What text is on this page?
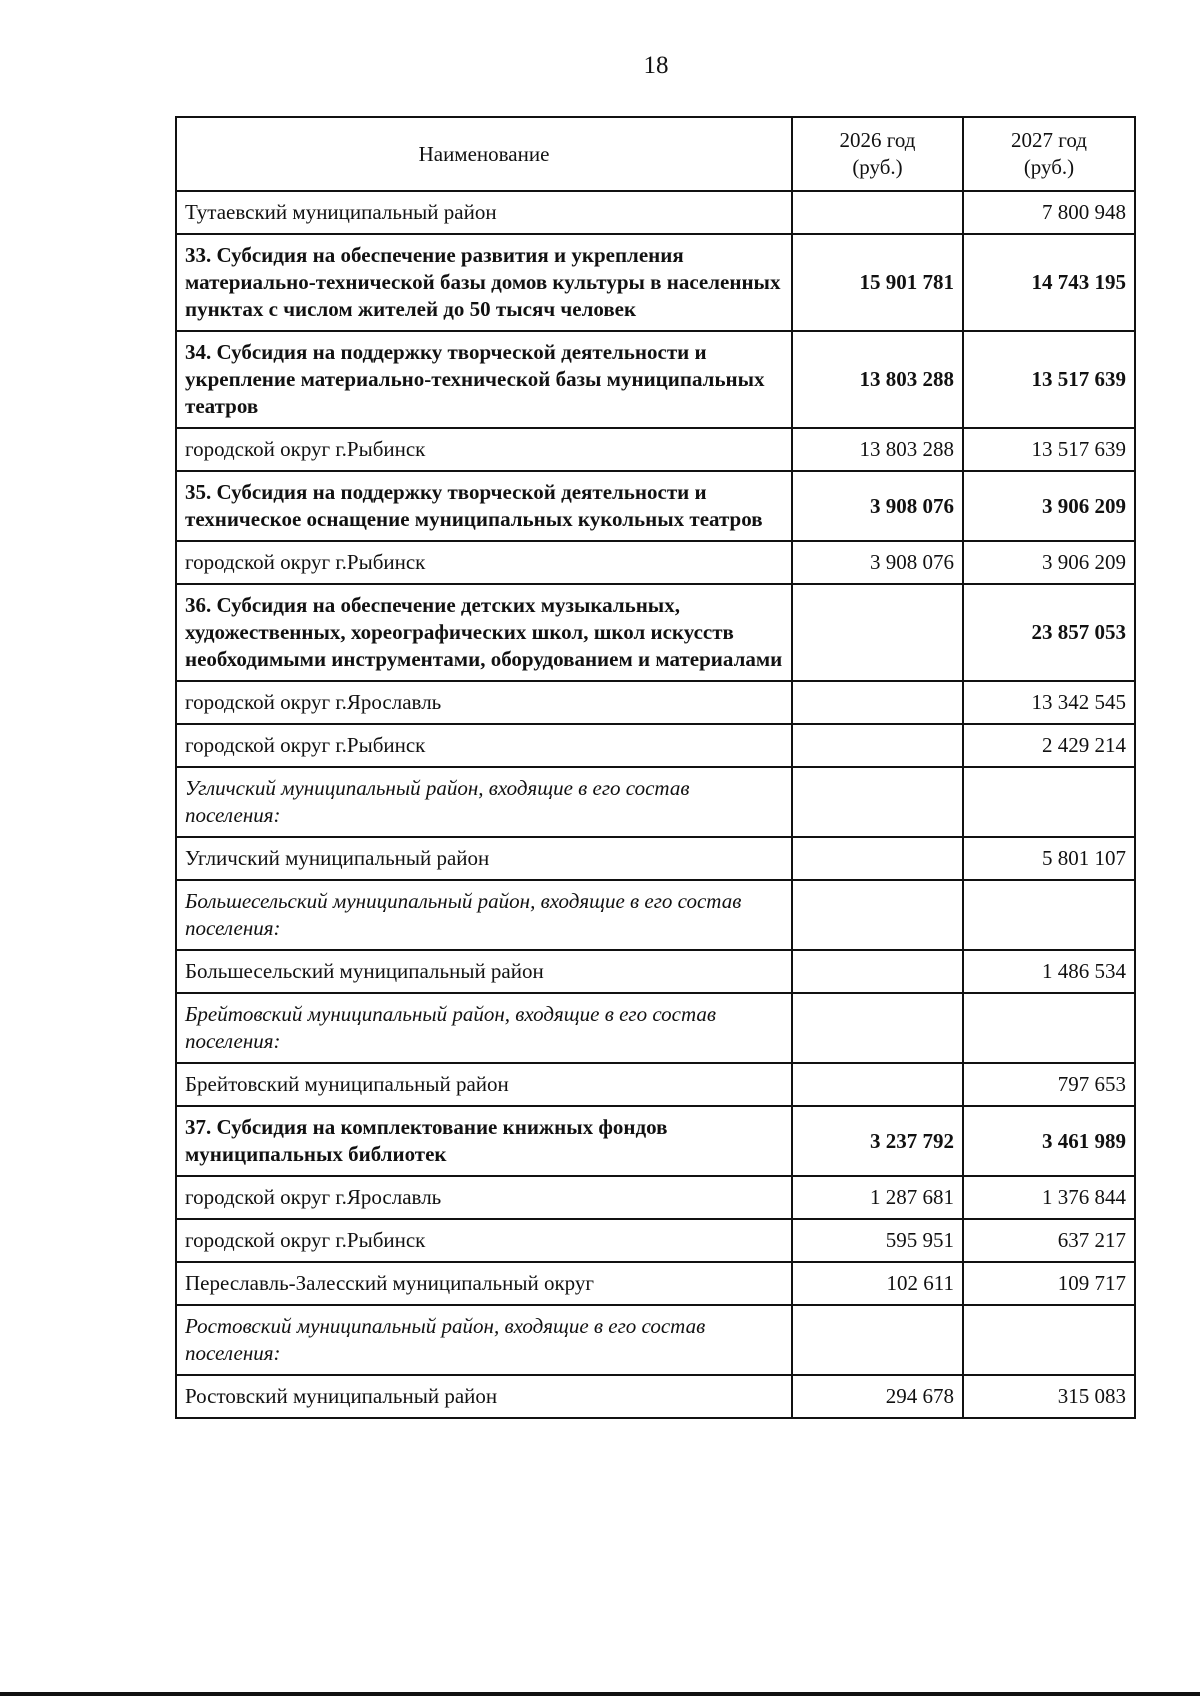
18
Наименование	2026 год (руб.)	2027 год (руб.)
Тутаевский муниципальный район		7 800 948
33. Субсидия на обеспечение развития и укрепления материально-технической базы домов культуры в населенных пунктах с числом жителей до 50 тысяч человек	15 901 781	14 743 195
34. Субсидия на поддержку творческой деятельности и укрепление материально-технической базы муниципальных театров	13 803 288	13 517 639
городской округ г.Рыбинск	13 803 288	13 517 639
35. Субсидия на поддержку творческой деятельности и техническое оснащение муниципальных кукольных театров	3 908 076	3 906 209
городской округ г.Рыбинск	3 908 076	3 906 209
36. Субсидия на обеспечение детских музыкальных, художественных, хореографических школ, школ искусств необходимыми инструментами, оборудованием и материалами		23 857 053
городской округ г.Ярославль		13 342 545
городской округ г.Рыбинск		2 429 214
Угличский муниципальный район, входящие в его состав поселения:		
Угличский муниципальный район		5 801 107
Большесельский муниципальный район, входящие в его состав поселения:		
Большесельский муниципальный район		1 486 534
Брейтовский муниципальный район, входящие в его состав поселения:		
Брейтовский муниципальный район		797 653
37. Субсидия на комплектование книжных фондов муниципальных библиотек	3 237 792	3 461 989
городской округ г.Ярославль	1 287 681	1 376 844
городской округ г.Рыбинск	595 951	637 217
Переславль-Залесский муниципальный округ	102 611	109 717
Ростовский муниципальный район, входящие в его состав поселения:		
Ростовский муниципальный район	294 678	315 083
